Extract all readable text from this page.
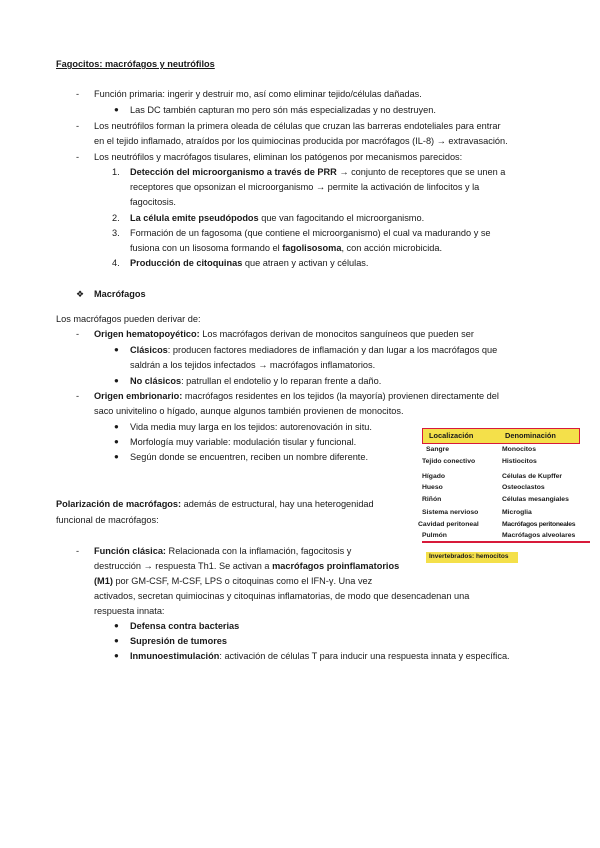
Fagocitos: macrófagos y neutrófilos
- Función primaria: ingerir y destruir mo, así como eliminar tejido/células dañadas.
● Las DC también capturan mo pero són más especializadas y no destruyen.
- Los neutrófilos forman la primera oleada de células que cruzan las barreras endoteliales para entrar
en el tejido inflamado, atraídos por los quimiocinas producida por macrófagos (IL-8) → extravasación.
- Los neutrófilos y macrófagos tisulares, eliminan los patógenos por mecanismos parecidos:
1. Detección del microorganismo a través de PRR → conjunto de receptores que se unen a
receptores que opsonizan el microorganismo → permite la activación de linfocitos y la
fagocitosis.
2. La célula emite pseudópodos que van fagocitando el microorganismo.
3. Formación de un fagosoma (que contiene el microorganismo) el cual va madurando y se
fusiona con un lisosoma formando el fagolisosoma, con acción microbicida.
4. Producción de citoquinas que atraen y activan y células.
❖ Macrófagos
Los macrófagos pueden derivar de:
- Origen hematopoyético: Los macrófagos derivan de monocitos sanguíneos que pueden ser
● Clásicos: producen factores mediadores de inflamación y dan lugar a los macrófagos que
saldrán a los tejidos infectados → macrófagos inflamatorios.
● No clásicos: patrullan el endotelio y lo reparan frente a daño.
- Origen embrionario: macrófagos residentes en los tejidos (la mayoría) provienen directamente del
saco univitelino o hígado, aunque algunos también provienen de monocitos.
● Vida media muy larga en los tejidos: autorenovación in situ.
● Morfología muy variable: modulación tisular y funcional.
● Según donde se encuentren, reciben un nombre diferente.
Polarización de macrófagos: además de estructural, hay una heterogenidad
funcional de macrófagos:
- Función clásica: Relacionada con la inflamación, fagocitosis y
destrucción → respuesta Th1. Se activan a macrófagos proinflamatorios
(M1) por GM-CSF, M-CSF, LPS o citoquinas como el IFN-γ. Una vez
activados, secretan quimiocinas y citoquinas inflamatorias, de modo que desencadenan una
respuesta innata:
● Defensa contra bacterias
● Supresión de tumores
● Inmunoestimulación: activación de células T para inducir una respuesta innata y específica.
Localización	Denominación
Sangre	Monocitos
Tejido conectivo	Histiocitos
Hígado	Células de Kupffer
Hueso	Osteoclastos
Riñón	Células mesangiales
Sistema nervioso	Microglia
Cavidad peritoneal	Macrófagos peritoneales
Pulmón	Macrófagos alveolares
Invertebrados: hemocitos
